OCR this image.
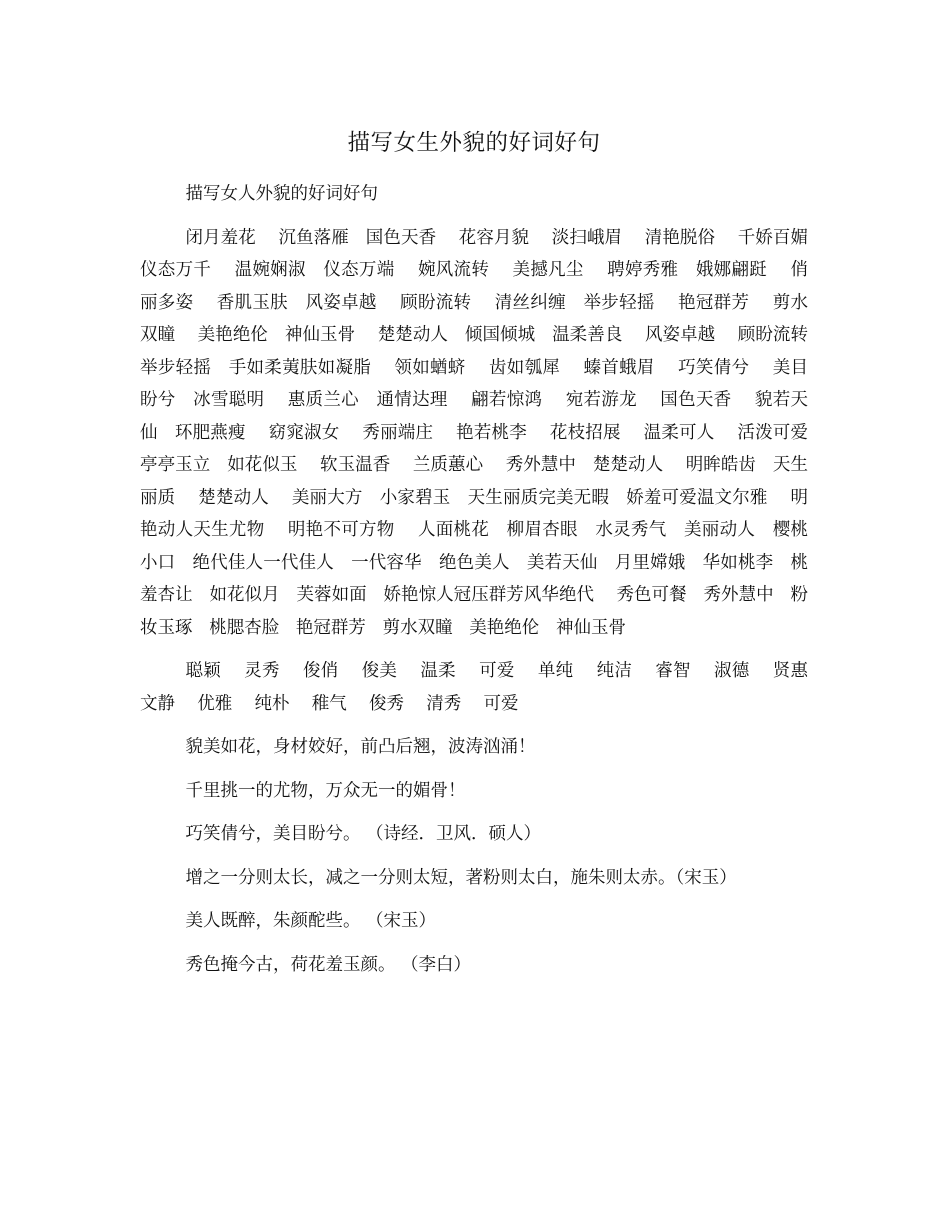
描写女生外貌的好词好句

描写女人外貌的好词好句

闭月羞花    沉鱼落雁   国色天香    花容月貌    淡扫峨眉    清艳脱俗    千娇百媚    仪态万千    温婉娴淑   仪态万端    婉风流转    美撼凡尘    聘婷秀雅   娥娜翩跹    俏丽多姿    香肌玉肤   风姿卓越    顾盼流转    清丝纠缠   举步轻摇    艳冠群芳    剪水双瞳    美艳绝伦   神仙玉骨    楚楚动人   倾国倾城   温柔善良    风姿卓越    顾盼流转    举步轻摇   手如柔荑肤如凝脂    领如蝤蛴    齿如瓠犀    螓首蛾眉    巧笑倩兮    美目盼兮   冰雪聪明    惠质兰心   通情达理    翩若惊鸿    宛若游龙    国色天香    貌若天仙   环肥燕瘦    窈窕淑女    秀丽端庄    艳若桃李    花枝招展    温柔可人    活泼可爱   亭亭玉立   如花似玉    软玉温香    兰质蕙心    秀外慧中   楚楚动人    明眸皓齿   天生丽质    楚楚动人    美丽大方   小家碧玉   天生丽质完美无暇   娇羞可爱温文尔雅    明艳动人天生尤物    明艳不可方物    人面桃花   柳眉杏眼   水灵秀气   美丽动人   樱桃小口   绝代佳人一代佳人   一代容华   绝色美人   美若天仙   月里嫦娥   华如桃李   桃羞杏让   如花似月   芙蓉如面   娇艳惊人冠压群芳风华绝代    秀色可餐   秀外慧中   粉妆玉琢   桃腮杏脸   艳冠群芳   剪水双瞳   美艳绝伦   神仙玉骨

聪颖    灵秀    俊俏    俊美    温柔    可爱    单纯    纯洁    睿智    淑德    贤惠文静    优雅    纯朴    稚气    俊秀    清秀    可爱

貌美如花，身材姣好，前凸后翘，波涛汹涌！

千里挑一的尤物，万众无一的媚骨！

巧笑倩兮，美目盼兮。 （诗经．卫风．硕人）

增之一分则太长，减之一分则太短，著粉则太白，施朱则太赤。（宋玉）

美人既醉，朱颜酡些。 （宋玉）

秀色掩今古，荷花羞玉颜。 （李白）
